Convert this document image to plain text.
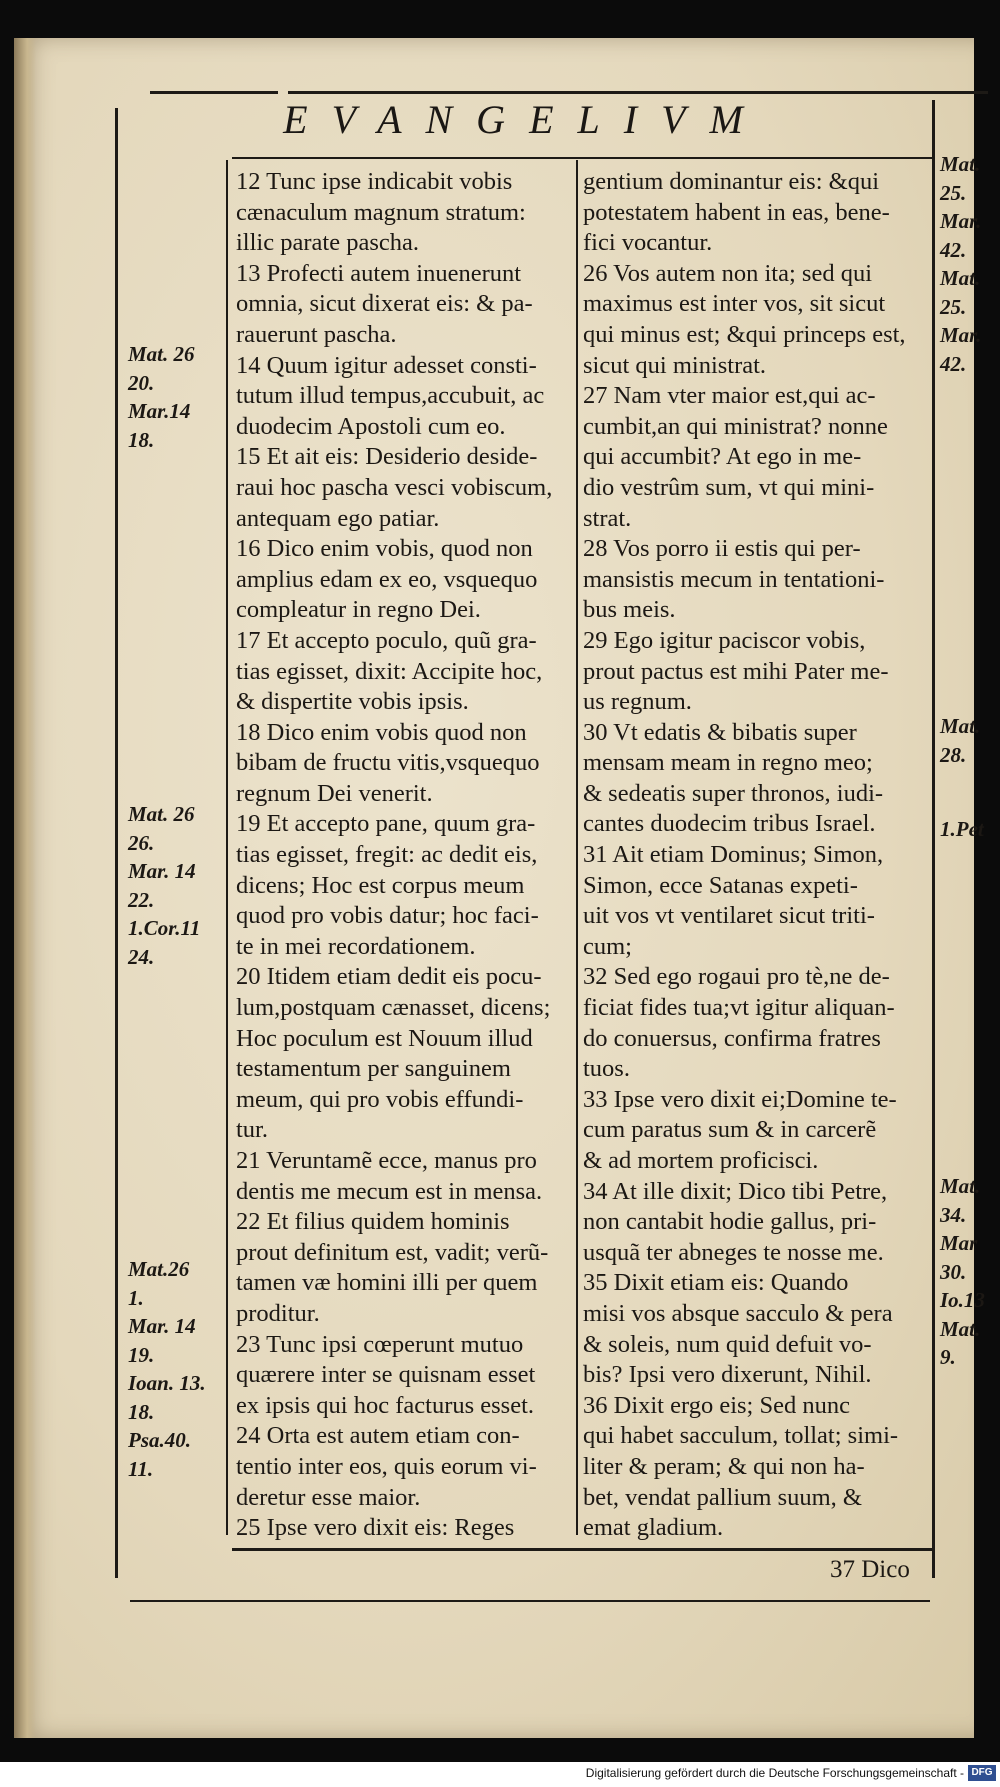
EVANGELIVM
12 Tunc ipse indicabit vobis
cænaculum magnum stratum:
illic parate pascha.
13 Profecti autem inuenerunt
omnia, sicut dixerat eis: & pa-
rauerunt pascha.
14 Quum igitur adesset consti-
tutum illud tempus,accubuit, ac
duodecim Apostoli cum eo.
15 Et ait eis: Desiderio deside-
raui hoc pascha vesci vobiscum,
antequam ego patiar.
16 Dico enim vobis, quod non
amplius edam ex eo, vsquequo
compleatur in regno Dei.
17 Et accepto poculo, quũ gra-
tias egisset, dixit: Accipite hoc,
& dispertite vobis ipsis.
18 Dico enim vobis quod non
bibam de fructu vitis,vsquequo
regnum Dei venerit.
19 Et accepto pane, quum gra-
tias egisset, fregit: ac dedit eis,
dicens; Hoc est corpus meum
quod pro vobis datur; hoc faci-
te in mei recordationem.
20 Itidem etiam dedit eis pocu-
lum,postquam cænasset, dicens;
Hoc poculum est Nouum illud
testamentum per sanguinem
meum, qui pro vobis effundi-
tur.
21 Veruntamẽ ecce, manus pro
dentis me mecum est in mensa.
22 Et filius quidem hominis
prout definitum est, vadit; verũ-
tamen væ homini illi per quem
proditur.
23 Tunc ipsi cœperunt mutuo
quærere inter se quisnam esset
ex ipsis qui hoc facturus esset.
24 Orta est autem etiam con-
tentio inter eos, quis eorum vi-
deretur esse maior.
25 Ipse vero dixit eis: Reges
gentium dominantur eis: &qui
potestatem habent in eas, bene-
fici vocantur.
26 Vos autem non ita; sed qui
maximus est inter vos, sit sicut
qui minus est; &qui princeps est,
sicut qui ministrat.
27 Nam vter maior est,qui ac-
cumbit,an qui ministrat? nonne
qui accumbit? At ego in me-
dio vestrûm sum, vt qui mini-
strat.
28 Vos porro ii estis qui per-
mansistis mecum in tentationi-
bus meis.
29 Ego igitur paciscor vobis,
prout pactus est mihi Pater me-
us regnum.
30 Vt edatis & bibatis super
mensam meam in regno meo;
& sedeatis super thronos, iudi-
cantes duodecim tribus Israel.
31 Ait etiam Dominus; Simon,
Simon, ecce Satanas expeti-
uit vos vt ventilaret sicut triti-
cum;
32 Sed ego rogaui pro tè,ne de-
ficiat fides tua;vt igitur aliquan-
do conuersus, confirma fratres
tuos.
33 Ipse vero dixit ei;Domine te-
cum paratus sum & in carcerẽ
& ad mortem proficisci.
34 At ille dixit; Dico tibi Petre,
non cantabit hodie gallus, pri-
usquã ter abneges te nosse me.
35 Dixit etiam eis: Quando
misi vos absque sacculo & pera
& soleis, num quid defuit vo-
bis? Ipsi vero dixerunt, Nihil.
36 Dixit ergo eis; Sed nunc
qui habet sacculum, tollat; simi-
liter & peram; & qui non ha-
bet, vendat pallium suum, &
emat gladium.
Mat. 26
20.
Mar.14
18.
Mat. 26
26.
Mar. 14
22.
1.Cor.11
24.
Mat.26
1.
Mar. 14
19.
Ioan. 13.
18.
Psa.40.
11.
Mat.
25.
Mar.
42.
Mat.
25.
Mar.
42.
Mat.
28.
1.Pet
Mat.
34.
Mar
30.
Io.13
Mat.
9.
37 Dico
Digitalisierung gefördert durch die Deutsche Forschungsgemeinschaft - DFG
